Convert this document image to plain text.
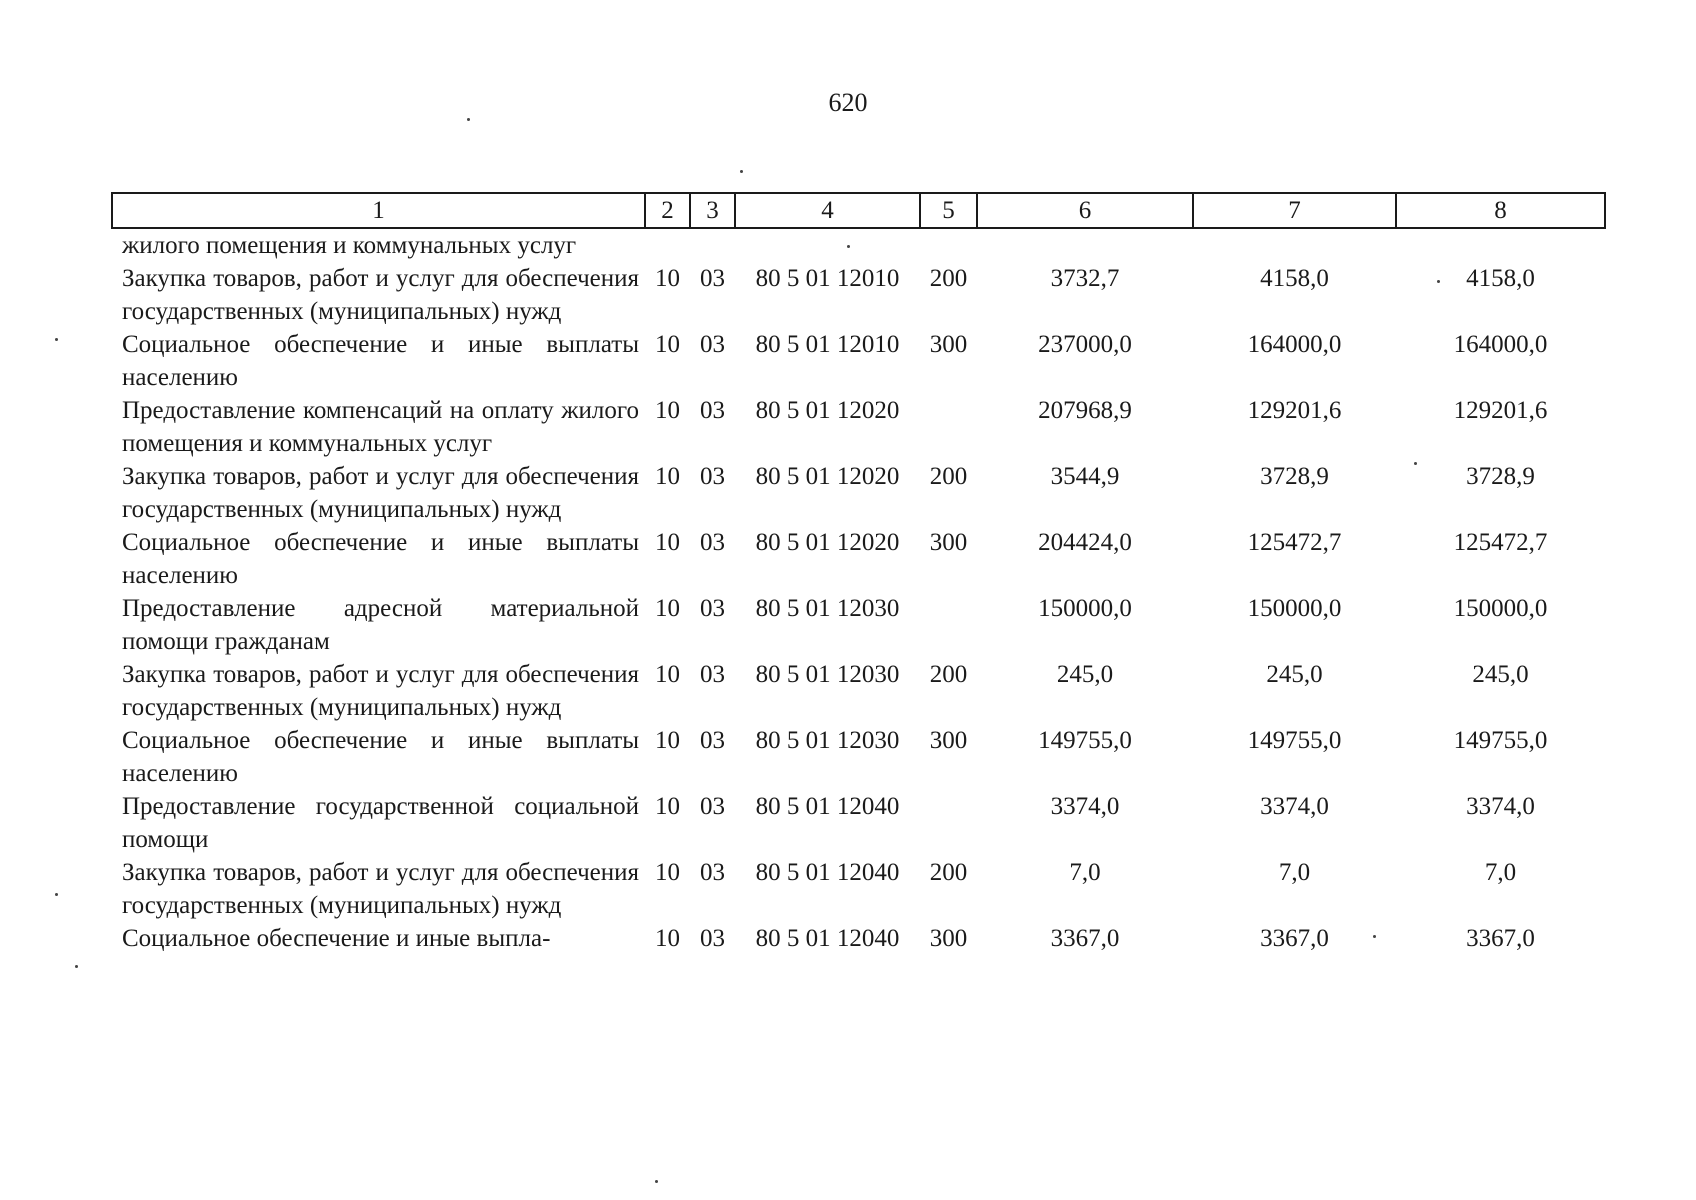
620
1	2	3	4	5	6	7	8
жилого помещения и коммунальных услуг							
Закупка товаров, работ и услуг для обеспечения государственных (муниципальных) нужд	10	03	80 5 01 12010	200	3732,7	4158,0	4158,0
Социальное обеспечение и иные выплаты населению	10	03	80 5 01 12010	300	237000,0	164000,0	164000,0
Предоставление компенсаций на оплату жилого помещения и коммунальных услуг	10	03	80 5 01 12020		207968,9	129201,6	129201,6
Закупка товаров, работ и услуг для обеспечения государственных (муниципальных) нужд	10	03	80 5 01 12020	200	3544,9	3728,9	3728,9
Социальное обеспечение и иные выплаты населению	10	03	80 5 01 12020	300	204424,0	125472,7	125472,7
Предоставление адресной материальной помощи гражданам	10	03	80 5 01 12030		150000,0	150000,0	150000,0
Закупка товаров, работ и услуг для обеспечения государственных (муниципальных) нужд	10	03	80 5 01 12030	200	245,0	245,0	245,0
Социальное обеспечение и иные выплаты населению	10	03	80 5 01 12030	300	149755,0	149755,0	149755,0
Предоставление государственной социальной помощи	10	03	80 5 01 12040		3374,0	3374,0	3374,0
Закупка товаров, работ и услуг для обеспечения государственных (муниципальных) нужд	10	03	80 5 01 12040	200	7,0	7,0	7,0
Социальное обеспечение и иные выпла-	10	03	80 5 01 12040	300	3367,0	3367,0	3367,0
